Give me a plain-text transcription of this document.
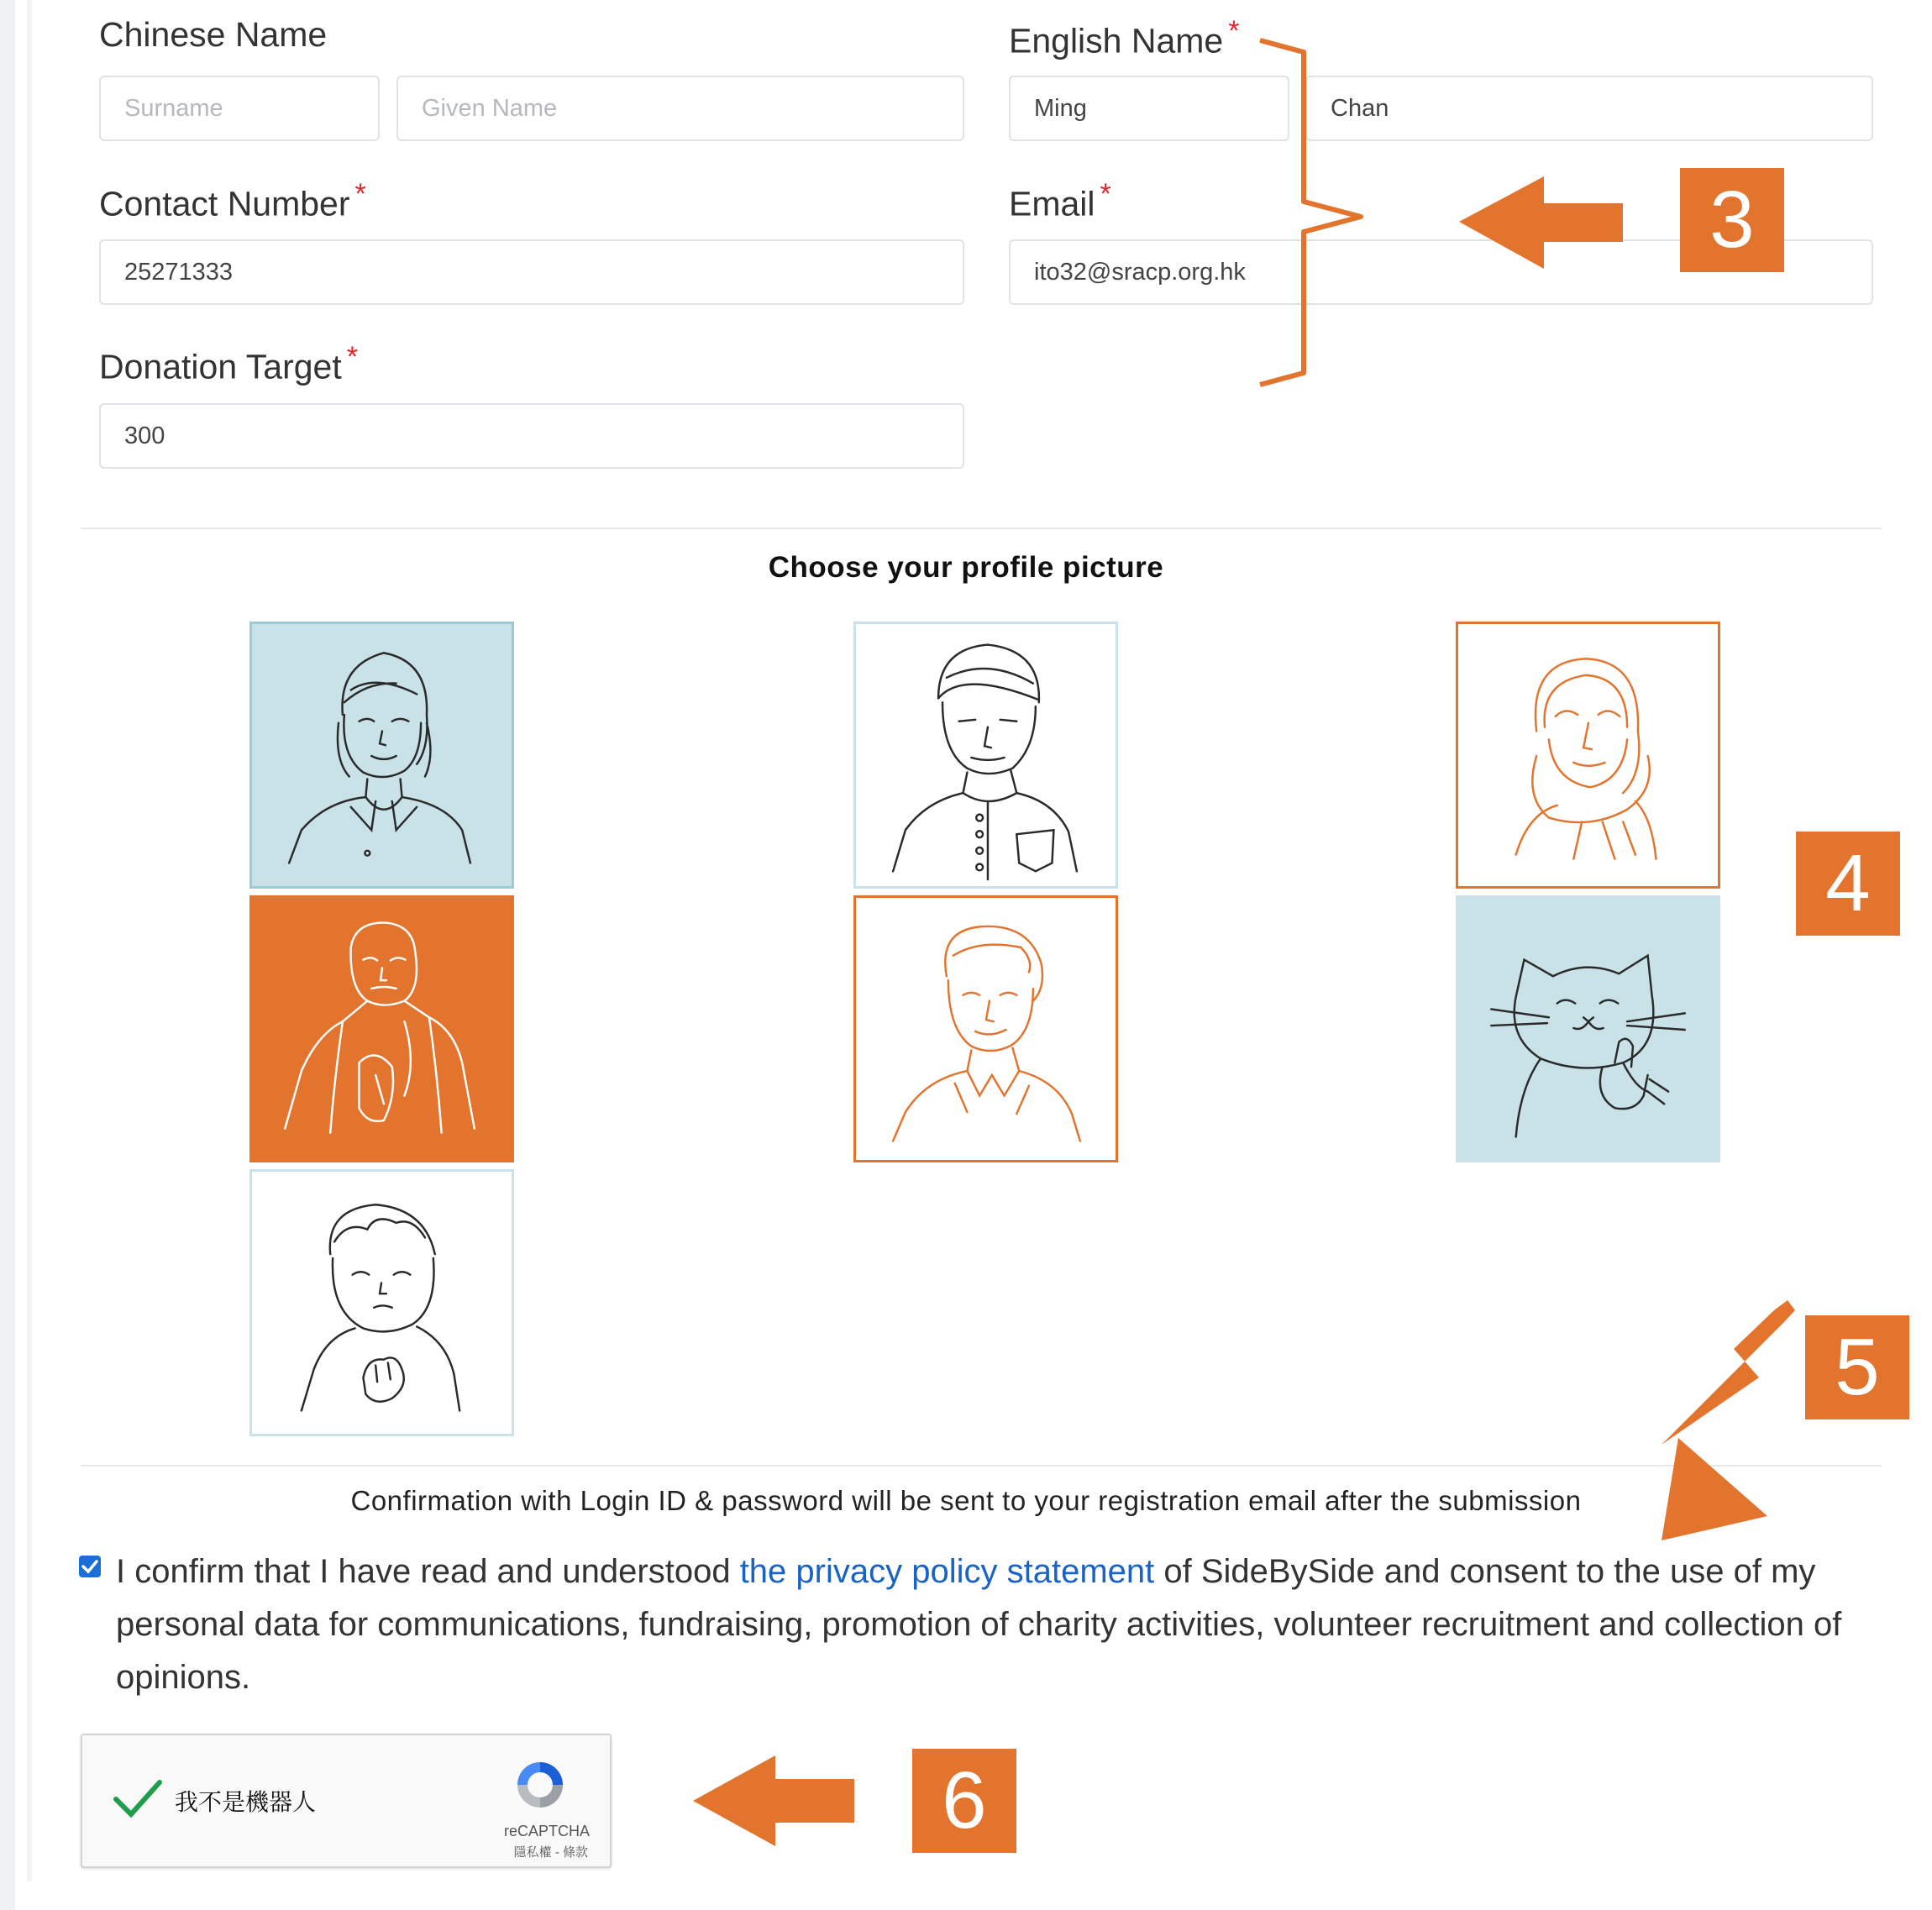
Chinese Name
Surname
Given Name	English Name *
Ming
Chan
Contact Number *
25271333	Email *
ito32@sracp.org.hk
Donation Target *
300
Choose your profile picture
Confirmation with Login ID & password will be sent to your registration email after the submission
I confirm that I have read and understood the privacy policy statement of SideBySide and consent to the use of my personal data for communications, fundraising, promotion of charity activities, volunteer recruitment and collection of opinions.
我不是機器人
reCAPTCHA
隱私權 - 條款
3
4
5
6
